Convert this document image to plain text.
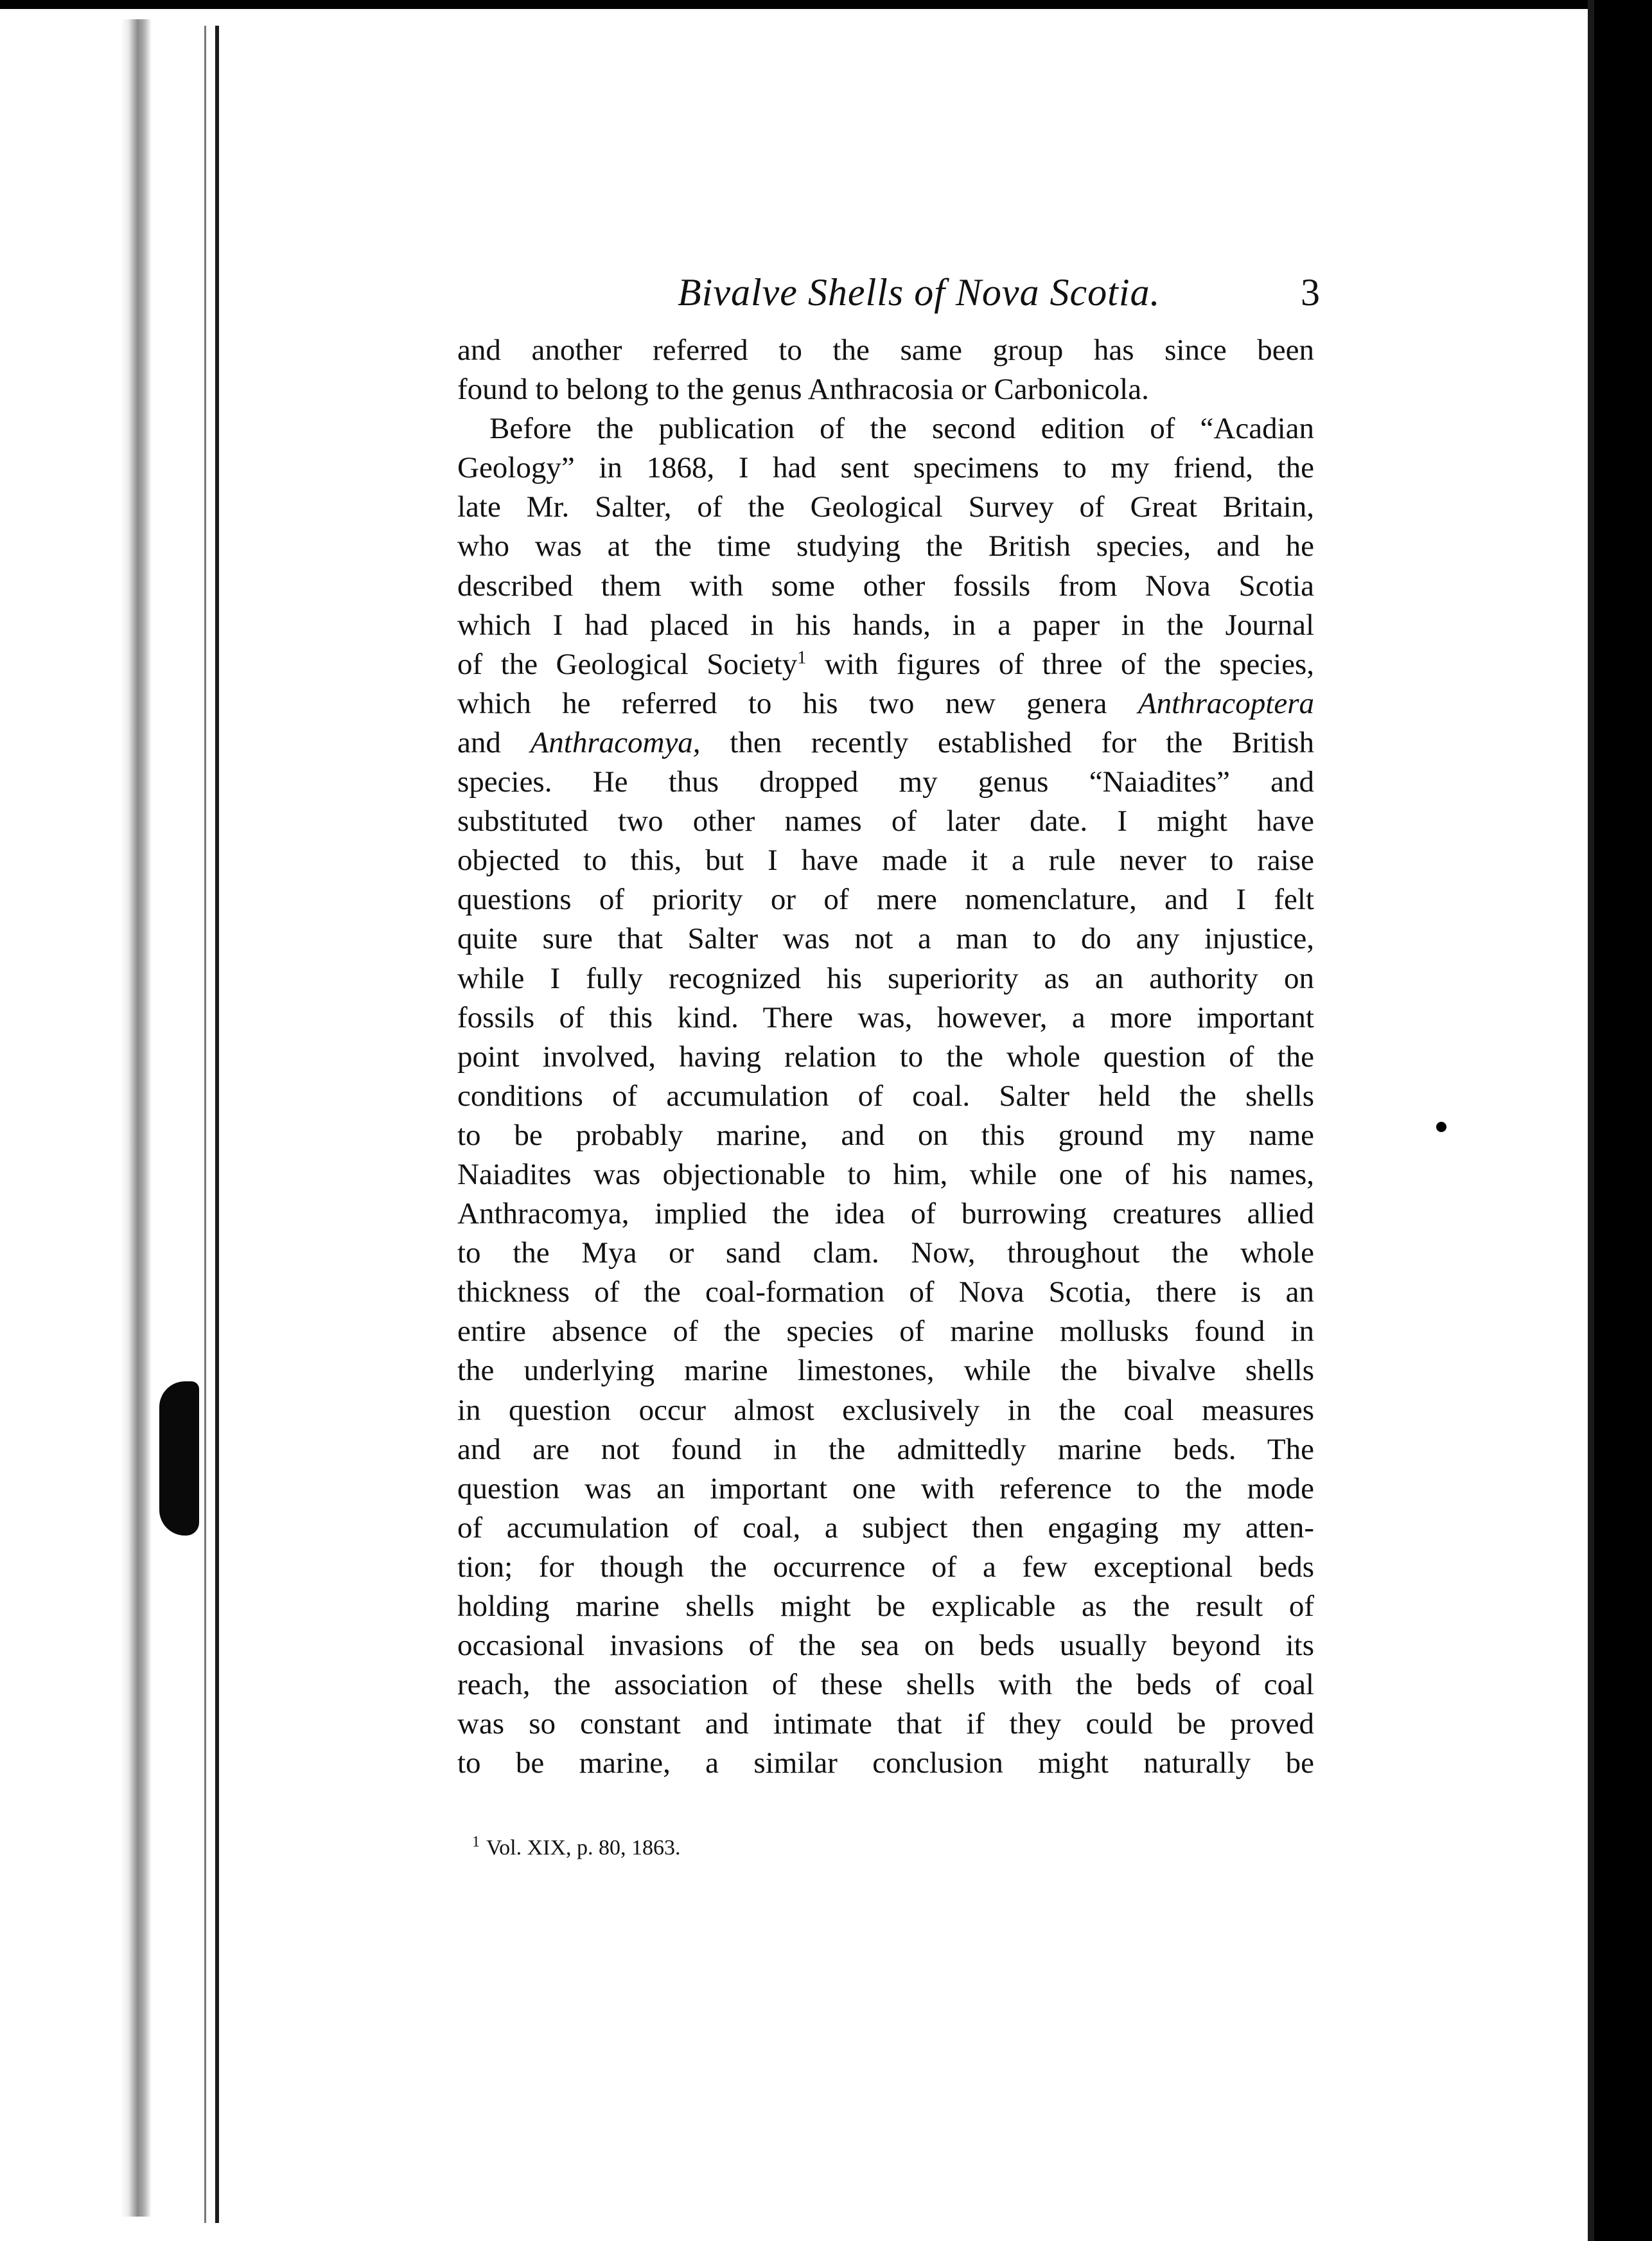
Bivalve Shells of Nova Scotia.	3
and another referred to the same group has since been
found to belong to the genus Anthracosia or Carbonicola.
Before the publication of the second edition of “Acadian
Geology” in 1868, I had sent specimens to my friend, the
late Mr. Salter, of the Geological Survey of Great Britain,
who was at the time studying the British species, and he
described them with some other fossils from Nova Scotia
which I had placed in his hands, in a paper in the Journal
of the Geological Society$^1$ with figures of three of the species,
which he referred to his two new genera Anthracoptera
and Anthracomya, then recently established for the British
species. He thus dropped my genus “Naiadites” and
substituted two other names of later date. I might have
objected to this, but I have made it a rule never to raise
questions of priority or of mere nomenclature, and I felt
quite sure that Salter was not a man to do any injustice,
while I fully recognized his superiority as an authority on
fossils of this kind. There was, however, a more important
point involved, having relation to the whole question of the
conditions of accumulation of coal. Salter held the shells
to be probably marine, and on this ground my name
Naiadites was objectionable to him, while one of his names,
Anthracomya, implied the idea of burrowing creatures allied
to the Mya or sand clam. Now, throughout the whole
thickness of the coal-formation of Nova Scotia, there is an
entire absence of the species of marine mollusks found in
the underlying marine limestones, while the bivalve shells
in question occur almost exclusively in the coal measures
and are not found in the admittedly marine beds. The
question was an important one with reference to the mode
of accumulation of coal, a subject then engaging my atten-
tion; for though the occurrence of a few exceptional beds
holding marine shells might be explicable as the result of
occasional invasions of the sea on beds usually beyond its
reach, the association of these shells with the beds of coal
was so constant and intimate that if they could be proved
to be marine, a similar conclusion might naturally be
$^1$ Vol. XIX, p. 80, 1863.
